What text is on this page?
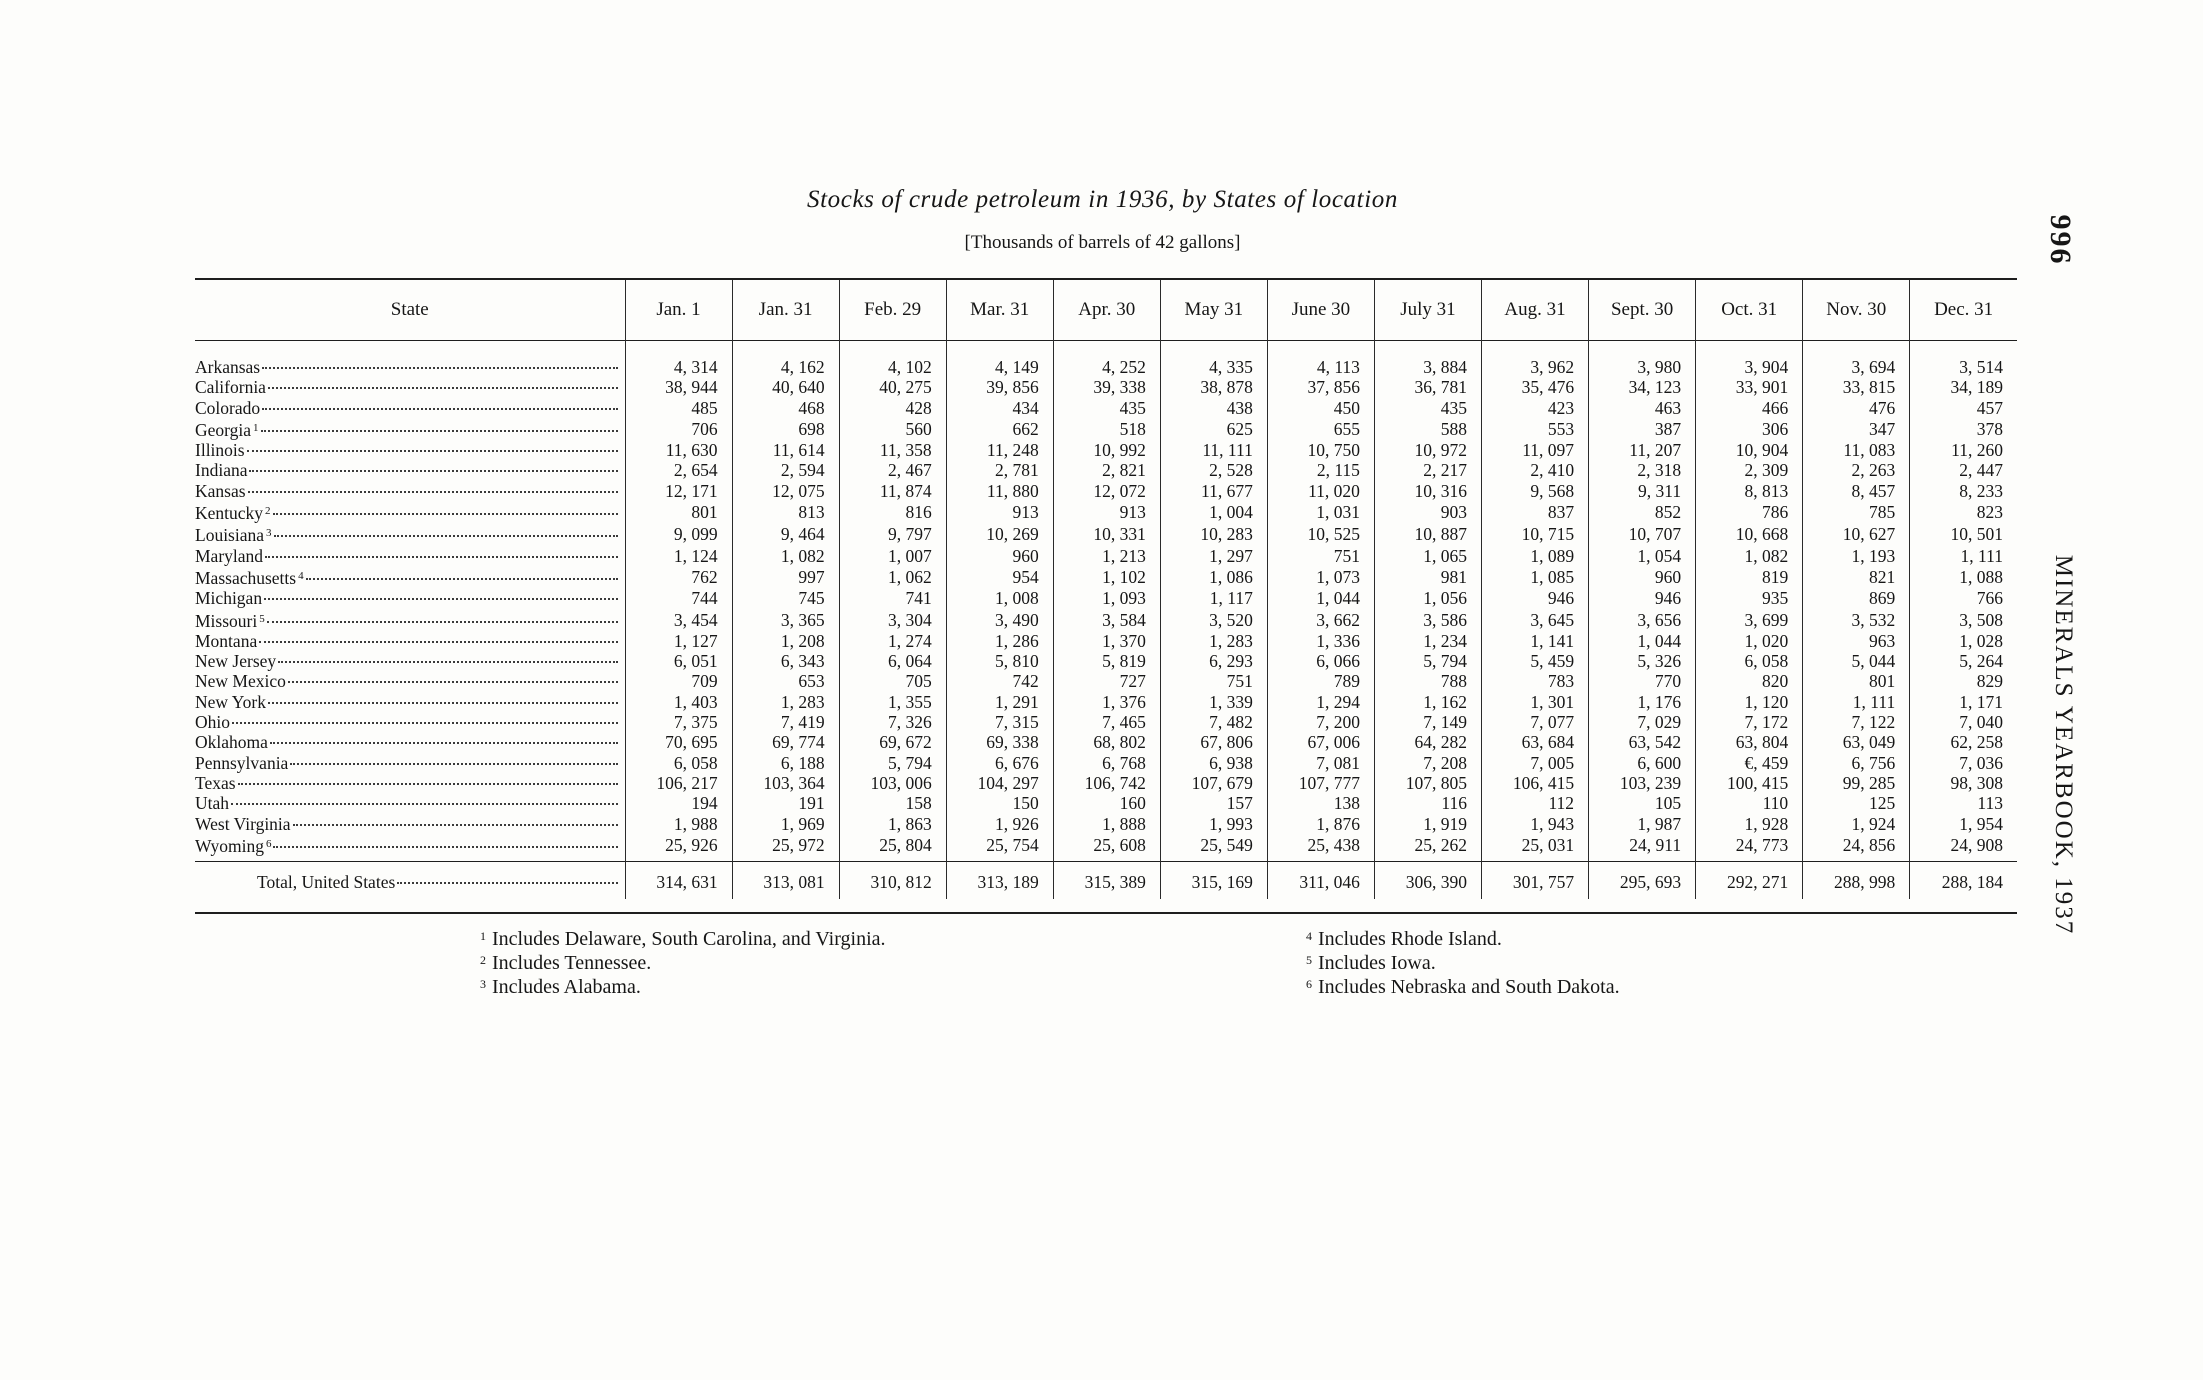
Stocks of crude petroleum in 1936, by States of location
[Thousands of barrels of 42 gallons]	996
MINERALS YEARBOOK, 1937
State	Jan. 1	Jan. 31	Feb. 29	Mar. 31	Apr. 30	May 31	June 30	July 31	Aug. 31	Sept. 30	Oct. 31	Nov. 30	Dec. 31

Arkansas	4, 314	4, 162	4, 102	4, 149	4, 252	4, 335	4, 113	3, 884	3, 962	3, 980	3, 904	3, 694	3, 514

California	38, 944	40, 640	40, 275	39, 856	39, 338	38, 878	37, 856	36, 781	35, 476	34, 123	33, 901	33, 815	34, 189

Colorado	485	468	428	434	435	438	450	435	423	463	466	476	457

Georgia $^1$	706	698	560	662	518	625	655	588	553	387	306	347	378

Illinois	11, 630	11, 614	11, 358	11, 248	10, 992	11, 111	10, 750	10, 972	11, 097	11, 207	10, 904	11, 083	11, 260

Indiana	2, 654	2, 594	2, 467	2, 781	2, 821	2, 528	2, 115	2, 217	2, 410	2, 318	2, 309	2, 263	2, 447

Kansas	12, 171	12, 075	11, 874	11, 880	12, 072	11, 677	11, 020	10, 316	9, 568	9, 311	8, 813	8, 457	8, 233

Kentucky $^2$	801	813	816	913	913	1, 004	1, 031	903	837	852	786	785	823

Louisiana $^3$	9, 099	9, 464	9, 797	10, 269	10, 331	10, 283	10, 525	10, 887	10, 715	10, 707	10, 668	10, 627	10, 501

Maryland	1, 124	1, 082	1, 007	960	1, 213	1, 297	751	1, 065	1, 089	1, 054	1, 082	1, 193	1, 111

Massachusetts $^4$	762	997	1, 062	954	1, 102	1, 086	1, 073	981	1, 085	960	819	821	1, 088

Michigan	744	745	741	1, 008	1, 093	1, 117	1, 044	1, 056	946	946	935	869	766

Missouri $^5$	3, 454	3, 365	3, 304	3, 490	3, 584	3, 520	3, 662	3, 586	3, 645	3, 656	3, 699	3, 532	3, 508

Montana	1, 127	1, 208	1, 274	1, 286	1, 370	1, 283	1, 336	1, 234	1, 141	1, 044	1, 020	963	1, 028

New Jersey	6, 051	6, 343	6, 064	5, 810	5, 819	6, 293	6, 066	5, 794	5, 459	5, 326	6, 058	5, 044	5, 264

New Mexico	709	653	705	742	727	751	789	788	783	770	820	801	829

New York	1, 403	1, 283	1, 355	1, 291	1, 376	1, 339	1, 294	1, 162	1, 301	1, 176	1, 120	1, 111	1, 171

Ohio	7, 375	7, 419	7, 326	7, 315	7, 465	7, 482	7, 200	7, 149	7, 077	7, 029	7, 172	7, 122	7, 040

Oklahoma	70, 695	69, 774	69, 672	69, 338	68, 802	67, 806	67, 006	64, 282	63, 684	63, 542	63, 804	63, 049	62, 258

Pennsylvania	6, 058	6, 188	5, 794	6, 676	6, 768	6, 938	7, 081	7, 208	7, 005	6, 600	€, 459	6, 756	7, 036

Texas	106, 217	103, 364	103, 006	104, 297	106, 742	107, 679	107, 777	107, 805	106, 415	103, 239	100, 415	99, 285	98, 308

Utah	194	191	158	150	160	157	138	116	112	105	110	125	113

West Virginia	1, 988	1, 969	1, 863	1, 926	1, 888	1, 993	1, 876	1, 919	1, 943	1, 987	1, 928	1, 924	1, 954

Wyoming $^6$	25, 926	25, 972	25, 804	25, 754	25, 608	25, 549	25, 438	25, 262	25, 031	24, 911	24, 773	24, 856	24, 908

Total, United States	314, 631	313, 081	310, 812	313, 189	315, 389	315, 169	311, 046	306, 390	301, 757	295, 693	292, 271	288, 998	288, 184
$^1$ Includes Delaware, South Carolina, and Virginia.
$^2$ Includes Tennessee.
$^3$ Includes Alabama.
$^4$ Includes Rhode Island.
$^5$ Includes Iowa.
$^6$ Includes Nebraska and South Dakota.
